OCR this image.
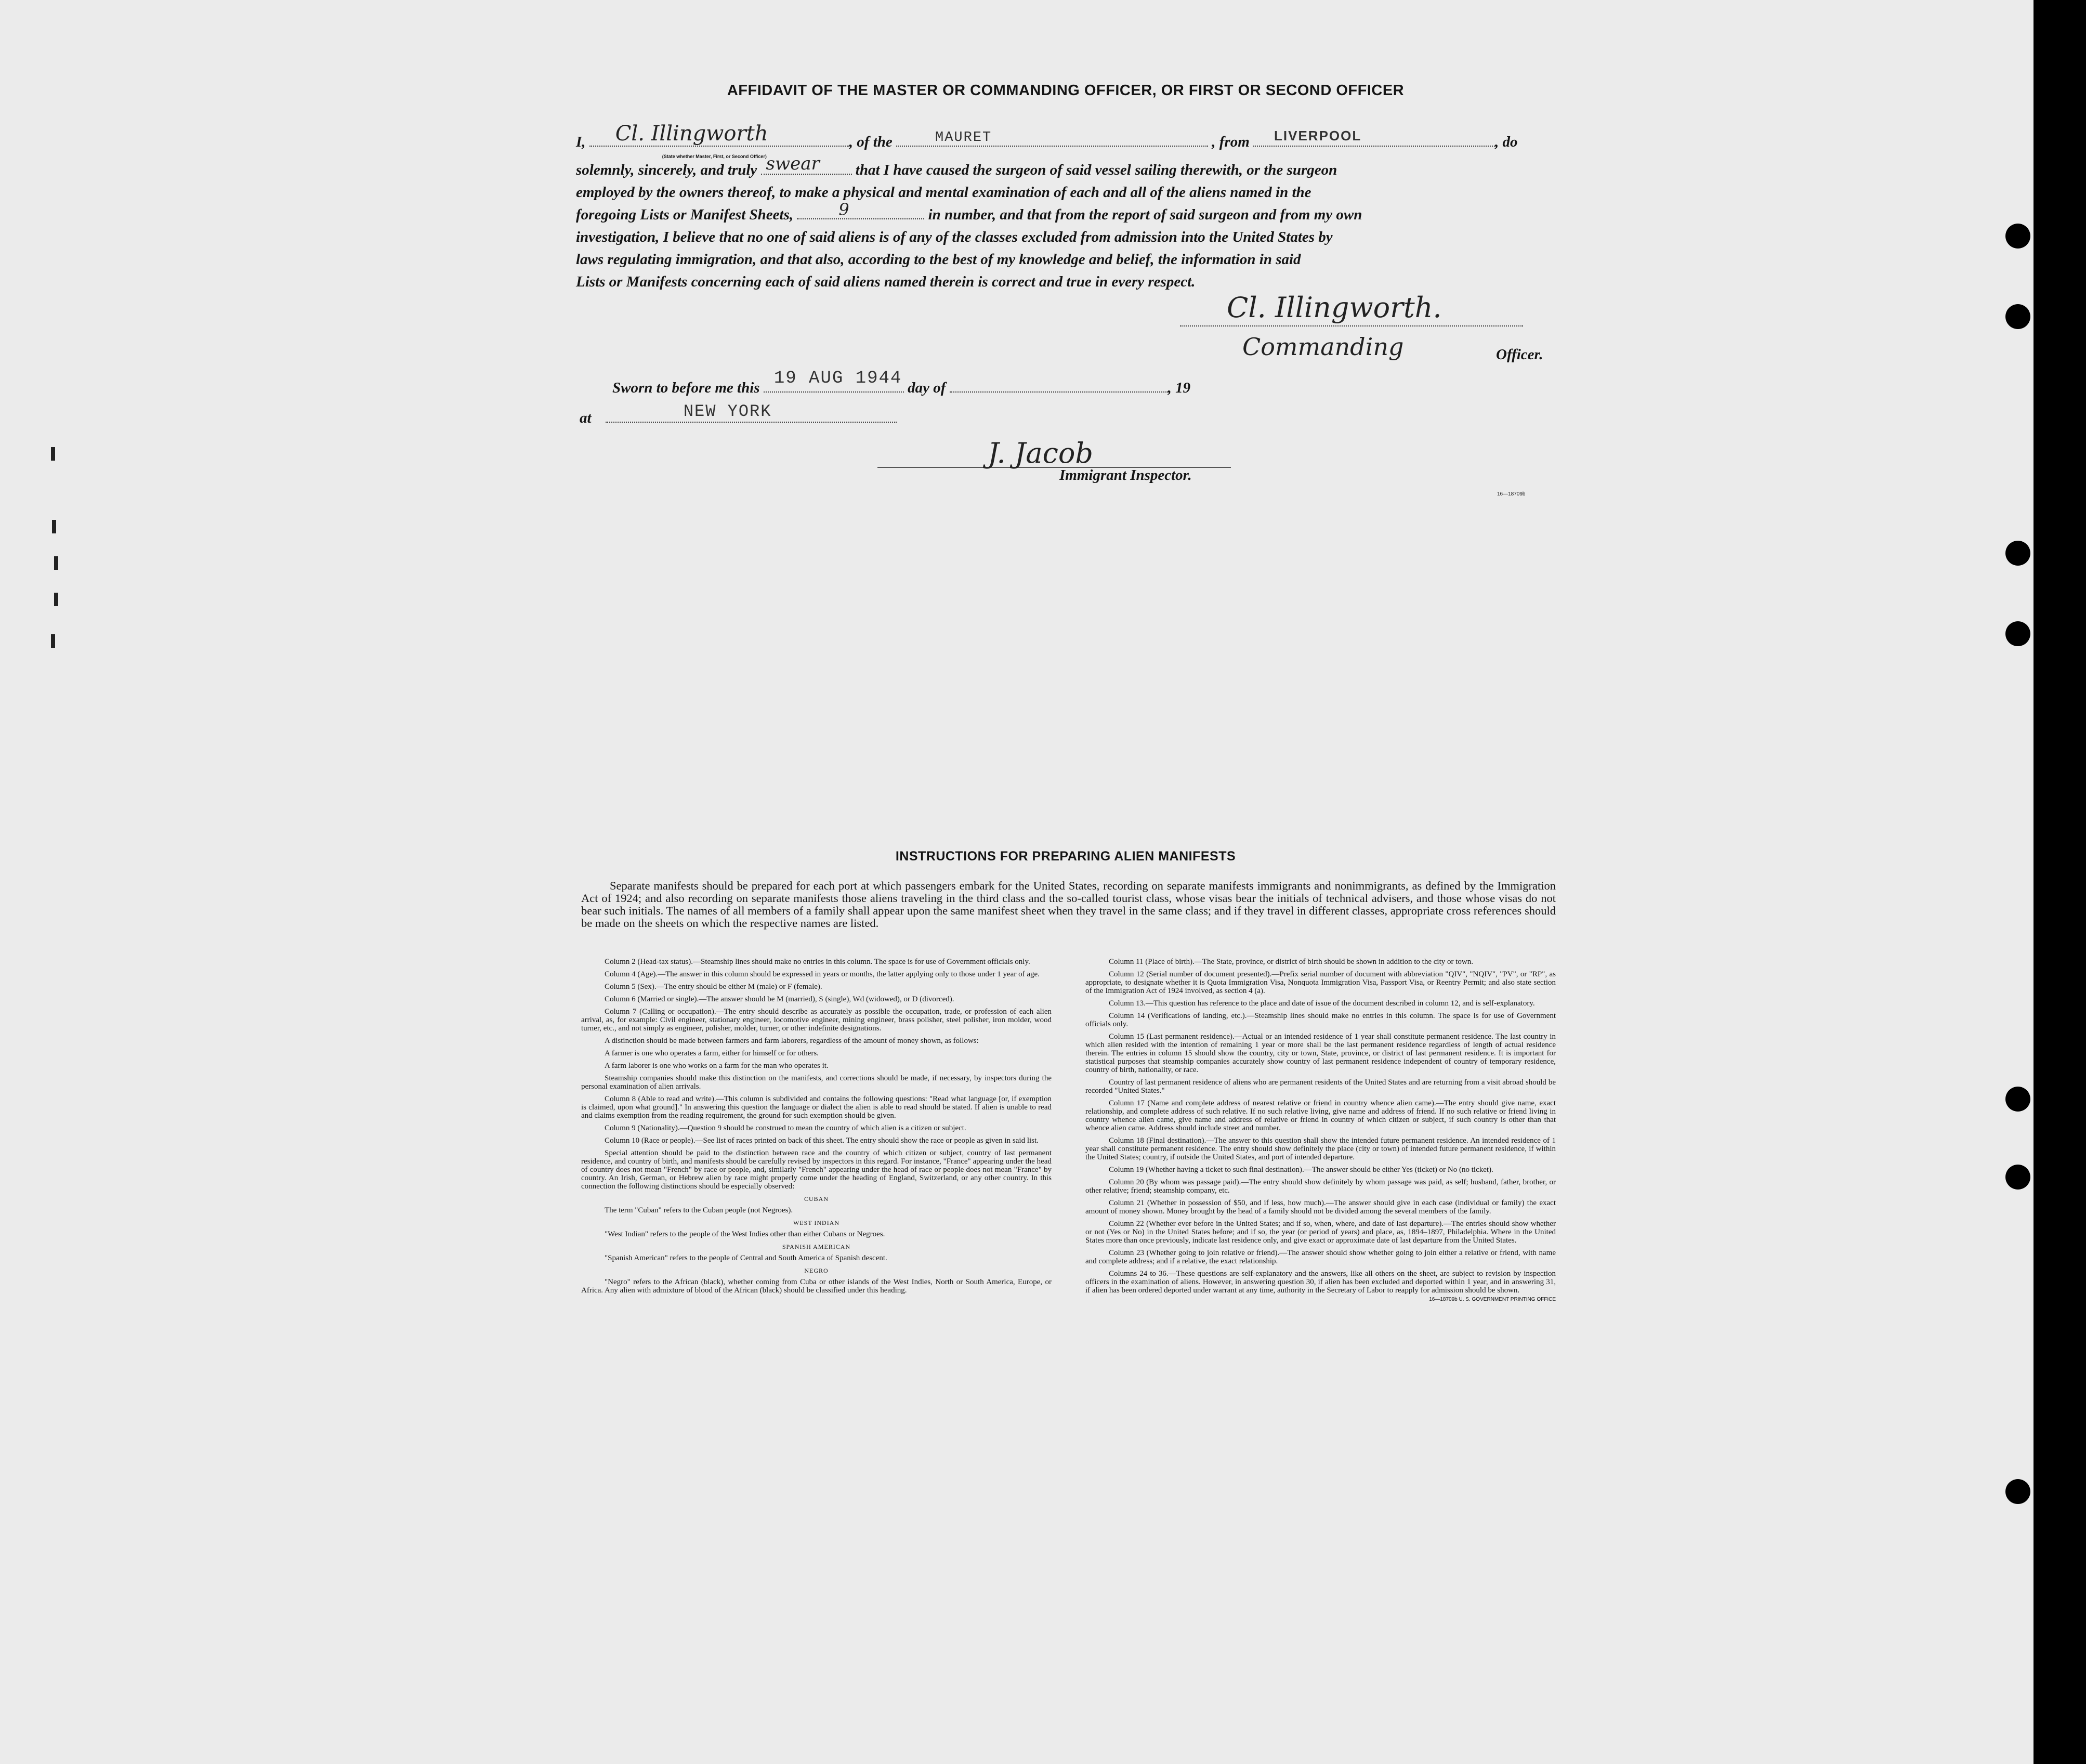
AFFIDAVIT OF THE MASTER OR COMMANDING OFFICER, OR FIRST OR SECOND OFFICER
I, Cl. Illingworth
(State whether Master, First, or Second Officer)
, of the	MAURET	, from LIVERPOOL	, do
solemnly, sincerely, and truly swear that I have caused the surgeon of said vessel sailing therewith, or the surgeon
employed by the owners thereof, to make a physical and mental examination of each and all of the aliens named in the
foregoing Lists or Manifest Sheets,	9	in number, and that from the report of said surgeon and from my own
investigation, I believe that no one of said aliens is of any of the classes excluded from admission into the United States by
laws regulating immigration, and that also, according to the best of my knowledge and belief, the information in said
Lists or Manifests concerning each of said aliens named therein is correct and true in every respect.
Cl. Illingworth.
Commanding	Officer.
Sworn to before me this 19 AUG 1944 day of	, 19
at	NEW YORK
J. Jacob
Immigrant Inspector.
16—18709b
INSTRUCTIONS FOR PREPARING ALIEN MANIFESTS
Separate manifests should be prepared for each port at which passengers embark for the United States, recording on separate manifests immigrants and nonimmigrants, as defined by the Immigration Act of 1924; and also recording on separate manifests those aliens traveling in the third class and the so-called tourist class, whose visas bear the initials of technical advisers, and those whose visas do not bear such initials. The names of all members of a family shall appear upon the same manifest sheet when they travel in the same class; and if they travel in different classes, appropriate cross references should be made on the sheets on which the respective names are listed.

Column 2 (Head-tax status).—Steamship lines should make no entries in this column. The space is for use of Government officials only.

Column 4 (Age).—The answer in this column should be expressed in years or months, the latter applying only to those under 1 year of age.

Column 5 (Sex).—The entry should be either M (male) or F (female).

Column 6 (Married or single).—The answer should be M (married), S (single), Wd (widowed), or D (divorced).

Column 7 (Calling or occupation).—The entry should describe as accurately as possible the occupation, trade, or profession of each alien arrival, as, for example: Civil engineer, stationary engineer, locomotive engineer, mining engineer, brass polisher, steel polisher, iron molder, wood turner, etc., and not simply as engineer, polisher, molder, turner, or other indefinite designations.

A distinction should be made between farmers and farm laborers, regardless of the amount of money shown, as follows:

A farmer is one who operates a farm, either for himself or for others.

A farm laborer is one who works on a farm for the man who operates it.

Steamship companies should make this distinction on the manifests, and corrections should be made, if necessary, by inspectors during the personal examination of alien arrivals.

Column 8 (Able to read and write).—This column is subdivided and contains the following questions: "Read what language [or, if exemption is claimed, upon what ground]." In answering this question the language or dialect the alien is able to read should be stated. If alien is unable to read and claims exemption from the reading requirement, the ground for such exemption should be given.

Column 9 (Nationality).—Question 9 should be construed to mean the country of which alien is a citizen or subject.

Column 10 (Race or people).—See list of races printed on back of this sheet. The entry should show the race or people as given in said list.

Special attention should be paid to the distinction between race and the country of which citizen or subject, country of last permanent residence, and country of birth, and manifests should be carefully revised by inspectors in this regard. For instance, "France" appearing under the head of country does not mean "French" by race or people, and, similarly "French" appearing under the head of race or people does not mean "France" by country. An Irish, German, or Hebrew alien by race might properly come under the heading of England, Switzerland, or any other country. In this connection the following distinctions should be especially observed:

CUBAN

The term "Cuban" refers to the Cuban people (not Negroes).

WEST INDIAN

"West Indian" refers to the people of the West Indies other than either Cubans or Negroes.

SPANISH AMERICAN

"Spanish American" refers to the people of Central and South America of Spanish descent.

NEGRO

"Negro" refers to the African (black), whether coming from Cuba or other islands of the West Indies, North or South America, Europe, or Africa. Any alien with admixture of blood of the African (black) should be classified under this heading.

Column 11 (Place of birth).—The State, province, or district of birth should be shown in addition to the city or town.

Column 12 (Serial number of document presented).—Prefix serial number of document with abbreviation "QIV", "NQIV", "PV", or "RP", as appropriate, to designate whether it is Quota Immigration Visa, Nonquota Immigration Visa, Passport Visa, or Reentry Permit; and also state section of the Immigration Act of 1924 involved, as section 4 (a).

Column 13.—This question has reference to the place and date of issue of the document described in column 12, and is self-explanatory.

Column 14 (Verifications of landing, etc.).—Steamship lines should make no entries in this column. The space is for use of Government officials only.

Column 15 (Last permanent residence).—Actual or an intended residence of 1 year shall constitute permanent residence. The last country in which alien resided with the intention of remaining 1 year or more shall be the last permanent residence regardless of length of actual residence therein. The entries in column 15 should show the country, city or town, State, province, or district of last permanent residence. It is important for statistical purposes that steamship companies accurately show country of last permanent residence independent of country of temporary residence, country of birth, nationality, or race.

Country of last permanent residence of aliens who are permanent residents of the United States and are returning from a visit abroad should be recorded "United States."

Column 17 (Name and complete address of nearest relative or friend in country whence alien came).—The entry should give name, exact relationship, and complete address of such relative. If no such relative living, give name and address of friend. If no such relative or friend living in country whence alien came, give name and address of relative or friend in country of which citizen or subject, if such country is other than that whence alien came. Address should include street and number.

Column 18 (Final destination).—The answer to this question shall show the intended future permanent residence. An intended residence of 1 year shall constitute permanent residence. The entry should show definitely the place (city or town) of intended future permanent residence, if within the United States; country, if outside the United States, and port of intended departure.

Column 19 (Whether having a ticket to such final destination).—The answer should be either Yes (ticket) or No (no ticket).

Column 20 (By whom was passage paid).—The entry should show definitely by whom passage was paid, as self; husband, father, brother, or other relative; friend; steamship company, etc.

Column 21 (Whether in possession of $50, and if less, how much).—The answer should give in each case (individual or family) the exact amount of money shown. Money brought by the head of a family should not be divided among the several members of the family.

Column 22 (Whether ever before in the United States; and if so, when, where, and date of last departure).—The entries should show whether or not (Yes or No) in the United States before; and if so, the year (or period of years) and place, as, 1894–1897, Philadelphia. Where in the United States more than once previously, indicate last residence only, and give exact or approximate date of last departure from the United States.

Column 23 (Whether going to join relative or friend).—The answer should show whether going to join either a relative or friend, with name and complete address; and if a relative, the exact relationship.

Columns 24 to 36.—These questions are self-explanatory and the answers, like all others on the sheet, are subject to revision by inspection officers in the examination of aliens. However, in answering question 30, if alien has been excluded and deported within 1 year, and in answering 31, if alien has been ordered deported under warrant at any time, authority in the Secretary of Labor to reapply for admission should be shown.

16—18709b U. S. GOVERNMENT PRINTING OFFICE
